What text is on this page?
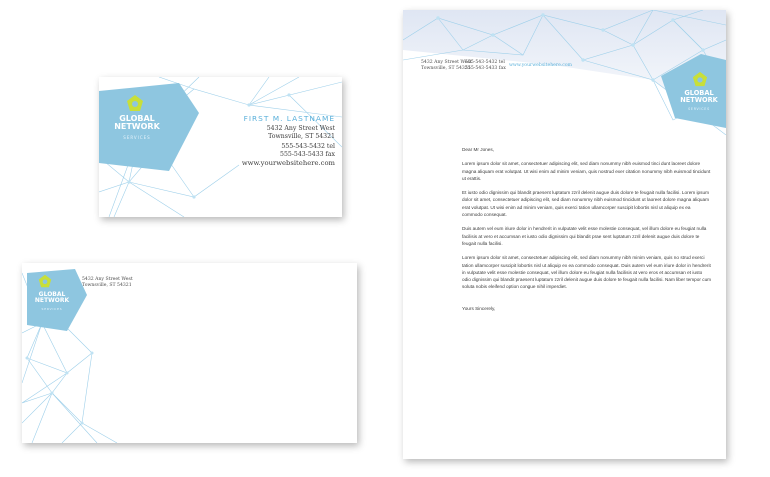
GLOBAL
NETWORK
SERVICES
FIRST M. LASTNAME
5432 Any Street West
Townsville, ST 54321
555-543-5432 tel
555-543-5433 fax
www.yourwebsitehere.com
GLOBAL
NETWORK
SERVICES
5432 Any Street West
Townsville, ST 54321
GLOBAL
NETWORK
SERVICES
5432 Any Street West
Townsville, ST 54321
555-543-5432 tel
555-543-5433 fax
www.yourwebsitehere.com

Dear Mr Jones,

Lorem ipsum dolor sit amet, consectetuer adipiscing elit, sed diam nonummy nibh euismod tinci dunt laoreet dolore magna aliquam erat volutpat. Ut wisi enim ad minim veniam, quis nostrud exer citation nonummy nibh euismod tincidunt ut erattis.

Et iusto odio dignissim qui blandit praesent luptatum zzril delenit augue duis dolore te feugait nulla facilisi. Lorem ipsum dolor sit amet, consectetuer adipiscing elit, sed diam nonummy nibh euismod tincidunt ut laoreet dolore magna aliquam erat volutpat. Ut wisi enim ad minim veniam, quis exerci tation ullamcorper suscipit lobortis nisl ut aliquip ex ea commodo consequat.

Duis autem vel eum iriure dolor in hendrerit in vulputate velit esse molestie consequat, vel illum dolore eu feugiat nulla facilisis at vero et accumsan et iusto odio dignissim qui blandit prae sent luptatum zzril delenit augue duis dolore te feugait nulla facilisi.

Lorem ipsum dolor sit amet, consectetuer adipiscing elit, sed diam nonummy nibh minim veniam, quis no strud exerci tation ullamcorper suscipit lobortis nisl ut aliquip ex ea commodo consequat. Duis autem vel eum iriure dolor in hendrerit in vulputate velit esse molestie consequat, vel illum dolore eu feugiat nulla facilisis at vero eros et accumsan et iusto odio dignissim qui blandit praesent luptatum zzril delenit augue duis dolore te feugait nulla facilisi. Nam liber tempor cum soluta nobis eleifend option congue nihil imperdiet.

Yours Sincerely,
